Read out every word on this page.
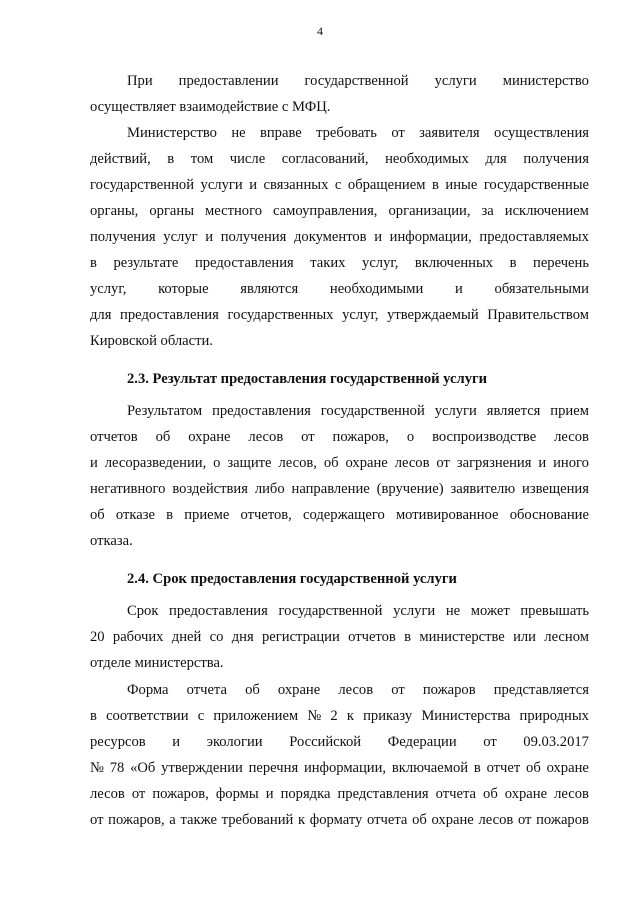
4
При предоставлении государственной услуги министерство
осуществляет взаимодействие с МФЦ.
Министерство не вправе требовать от заявителя осуществления
действий, в том числе согласований, необходимых для получения
государственной услуги и связанных с обращением в иные государственные
органы, органы местного самоуправления, организации, за исключением
получения услуг и получения документов и информации, предоставляемых
в результате предоставления таких услуг, включенных в перечень
услуг, которые являются необходимыми и обязательными
для предоставления государственных услуг, утверждаемый Правительством
Кировской области.
2.3. Результат предоставления государственной услуги
Результатом предоставления государственной услуги является прием
отчетов об охране лесов от пожаров, о воспроизводстве лесов
и лесоразведении, о защите лесов, об охране лесов от загрязнения и иного
негативного воздействия либо направление (вручение) заявителю извещения
об отказе в приеме отчетов, содержащего мотивированное обоснование
отказа.
2.4. Срок предоставления государственной услуги
Срок предоставления государственной услуги не может превышать
20 рабочих дней со дня регистрации отчетов в министерстве или лесном
отделе министерства.
Форма отчета об охране лесов от пожаров представляется
в соответствии с приложением № 2 к приказу Министерства природных
ресурсов и экологии Российской Федерации от 09.03.2017
№ 78 «Об утверждении перечня информации, включаемой в отчет об охране
лесов от пожаров, формы и порядка представления отчета об охране лесов
от пожаров, а также требований к формату отчета об охране лесов от пожаров
